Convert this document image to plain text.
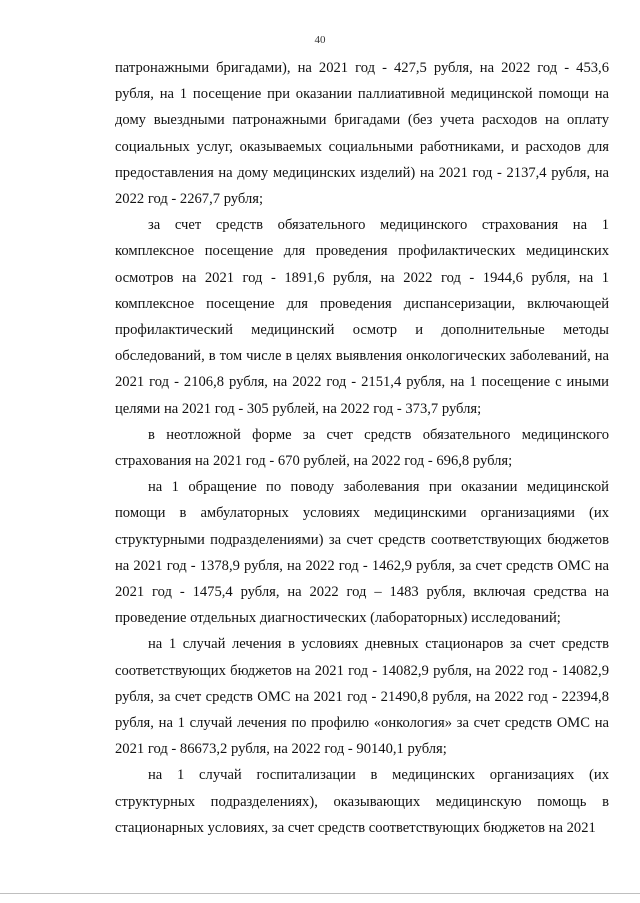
40

патронажными бригадами), на 2021 год - 427,5 рубля, на 2022 год - 453,6 рубля, на 1 посещение при оказании паллиативной медицинской помощи на дому выездными патронажными бригадами (без учета расходов на оплату социальных услуг, оказываемых социальными работниками, и расходов для предоставления на дому медицинских изделий) на 2021 год - 2137,4 рубля, на 2022 год - 2267,7 рубля;

за счет средств обязательного медицинского страхования на 1 комплексное посещение для проведения профилактических медицинских осмотров на 2021 год - 1891,6 рубля, на 2022 год - 1944,6 рубля, на 1 комплексное посещение для проведения диспансеризации, включающей профилактический медицинский осмотр и дополнительные методы обследований, в том числе в целях выявления онкологических заболеваний, на 2021 год - 2106,8 рубля, на 2022 год - 2151,4 рубля, на 1 посещение с иными целями на 2021 год - 305 рублей, на 2022 год - 373,7 рубля;

в неотложной форме за счет средств обязательного медицинского страхования на 2021 год - 670 рублей, на 2022 год - 696,8 рубля;

на 1 обращение по поводу заболевания при оказании медицинской помощи в амбулаторных условиях медицинскими организациями (их структурными подразделениями) за счет средств соответствующих бюджетов на 2021 год - 1378,9 рубля, на 2022 год - 1462,9 рубля, за счет средств ОМС на 2021 год - 1475,4 рубля, на 2022 год – 1483 рубля, включая средства на проведение отдельных диагностических (лабораторных) исследований;

на 1 случай лечения в условиях дневных стационаров за счет средств соответствующих бюджетов на 2021 год - 14082,9 рубля, на 2022 год - 14082,9 рубля, за счет средств ОМС на 2021 год - 21490,8 рубля, на 2022 год - 22394,8 рубля, на 1 случай лечения по профилю «онкология» за счет средств ОМС на 2021 год - 86673,2 рубля, на 2022 год - 90140,1 рубля;

на 1 случай госпитализации в медицинских организациях (их структурных подразделениях), оказывающих медицинскую помощь в стационарных условиях, за счет средств соответствующих бюджетов на 2021
